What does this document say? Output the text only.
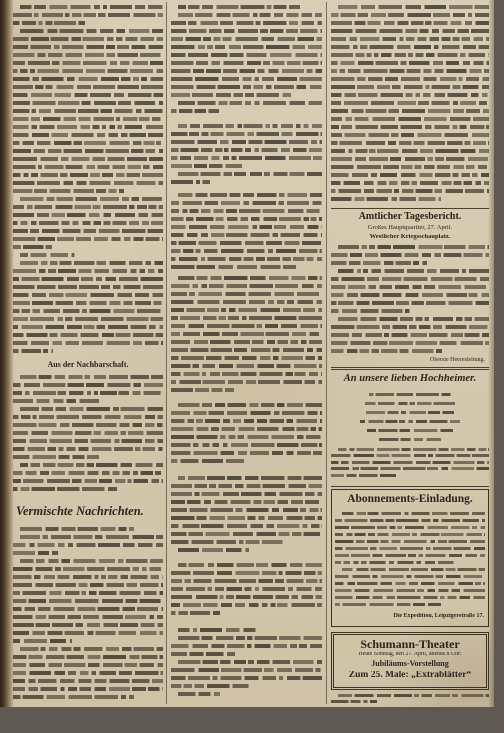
Aus der Nachbarschaft.
Vermischte Nachrichten.
Amtlicher Tagesbericht.
Großes Hauptquartier, 27. April.
Westlicher Kriegsschauplatz.
Oberste Heeresleitung.
An unsere lieben Hochheimer.
Abonnements-Einladung.
Die Expedition, Leipzigerstraße 17.
Schumann-Theater
Heute Sonntag, den 27. April, abends 8 Uhr:
Jubiläums-Vorstellung
Zum 25. Male: „Extrablätter“
